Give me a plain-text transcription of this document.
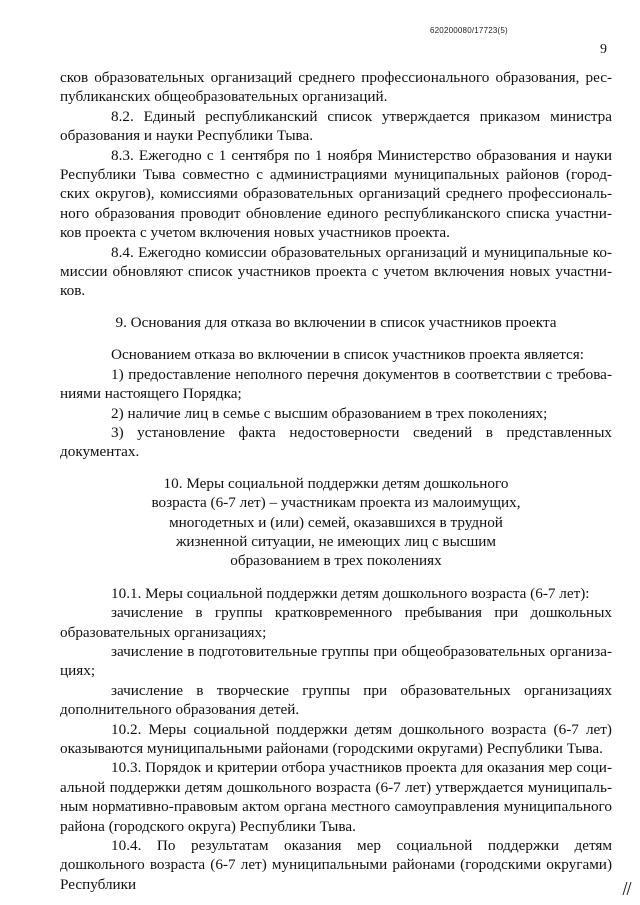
620200080/17723(5)
9

сков образовательных организаций среднего профессионального образования, республиканских общеобразовательных организаций.

8.2. Единый республиканский список утверждается приказом министра образования и науки Республики Тыва.

8.3. Ежегодно с 1 сентября по 1 ноября Министерство образования и науки Республики Тыва совместно с администрациями муниципальных районов (городских округов), комиссиями образовательных организаций среднего профессионального образования проводит обновление единого республиканского списка участников проекта с учетом включения новых участников проекта.

8.4. Ежегодно комиссии образовательных организаций и муниципальные комиссии обновляют список участников проекта с учетом включения новых участников.

9. Основания для отказа во включении в список участников проекта

Основанием отказа во включении в список участников проекта является:

1) предоставление неполного перечня документов в соответствии с требованиями настоящего Порядка;

2) наличие лиц в семье с высшим образованием в трех поколениях;

3) установление факта недостоверности сведений в представленных документах.

10. Меры социальной поддержки детям дошкольного возраста (6-7 лет) – участникам проекта из малоимущих, многодетных и (или) семей, оказавшихся в трудной жизненной ситуации, не имеющих лиц с высшим образованием в трех поколениях

10.1. Меры социальной поддержки детям дошкольного возраста (6-7 лет):

зачисление в группы кратковременного пребывания при дошкольных образовательных организациях;

зачисление в подготовительные группы при общеобразовательных организациях;

зачисление в творческие группы при образовательных организациях дополнительного образования детей.

10.2. Меры социальной поддержки детям дошкольного возраста (6-7 лет) оказываются муниципальными районами (городскими округами) Республики Тыва.

10.3. Порядок и критерии отбора участников проекта для оказания мер социальной поддержки детям дошкольного возраста (6-7 лет) утверждается муниципальным нормативно-правовым актом органа местного самоуправления муниципального района (городского округа) Республики Тыва.

10.4. По результатам оказания мер социальной поддержки детям дошкольного возраста (6-7 лет) муниципальными районами (городскими округами) Республики
